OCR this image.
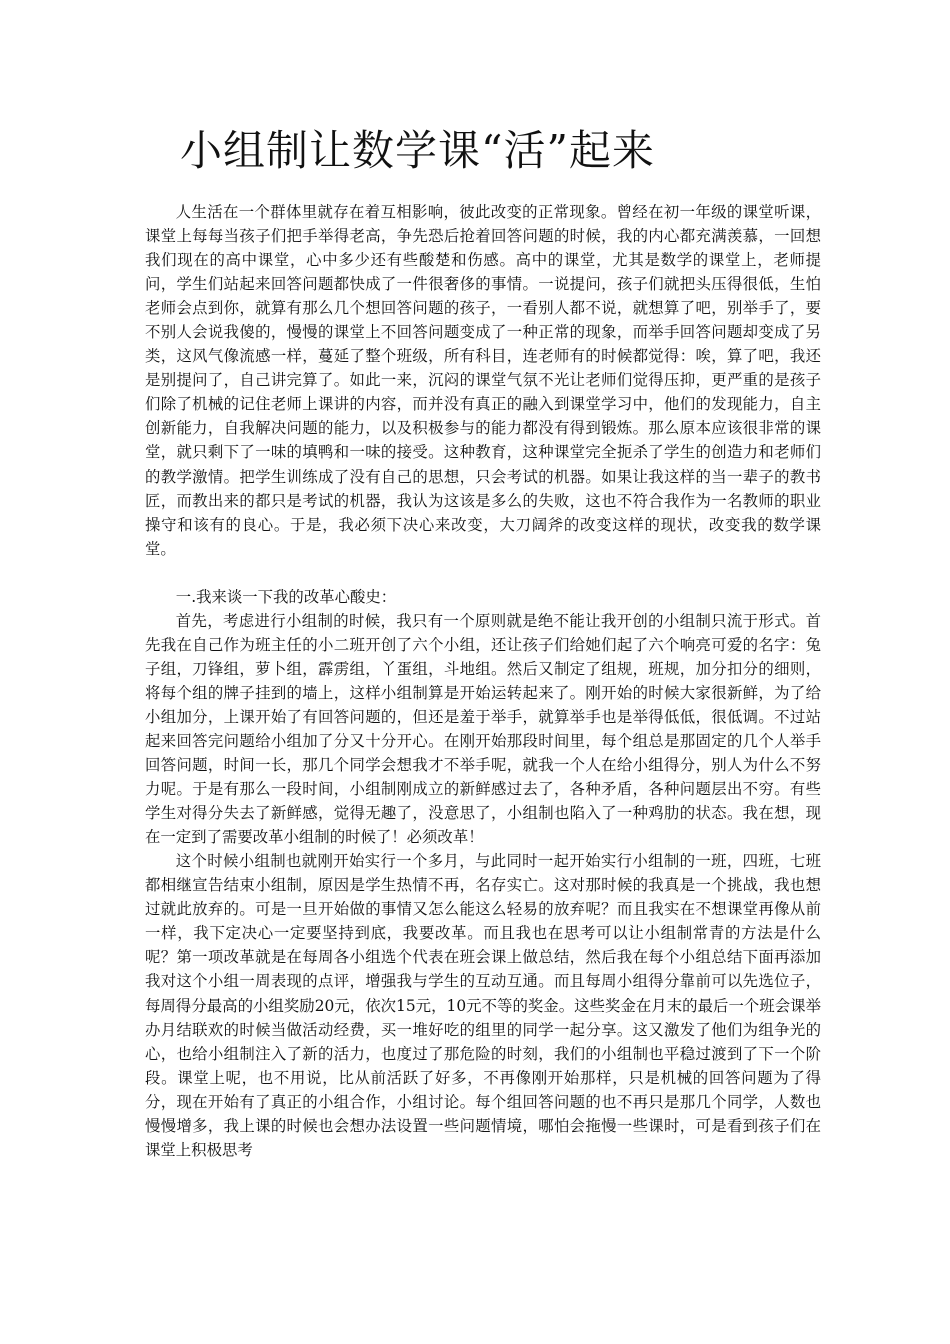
小组制让数学课“活”起来

人生活在一个群体里就存在着互相影响，彼此改变的正常现象。曾经在初一年级的课堂听课，课堂上每每当孩子们把手举得老高，争先恐后抢着回答问题的时候，我的内心都充满羡慕，一回想我们现在的高中课堂，心中多少还有些酸楚和伤感。高中的课堂，尤其是数学的课堂上，老师提问，学生们站起来回答问题都快成了一件很奢侈的事情。一说提问，孩子们就把头压得很低，生怕老师会点到你，就算有那么几个想回答问题的孩子，一看别人都不说，就想算了吧，别举手了，要不别人会说我傻的，慢慢的课堂上不回答问题变成了一种正常的现象，而举手回答问题却变成了另类，这风气像流感一样，蔓延了整个班级，所有科目，连老师有的时候都觉得：唉，算了吧，我还是别提问了，自己讲完算了。如此一来，沉闷的课堂气氛不光让老师们觉得压抑，更严重的是孩子们除了机械的记住老师上课讲的内容，而并没有真正的融入到课堂学习中，他们的发现能力，自主创新能力，自我解决问题的能力，以及积极参与的能力都没有得到锻炼。那么原本应该很非常的课堂，就只剩下了一味的填鸭和一味的接受。这种教育，这种课堂完全扼杀了学生的创造力和老师们的教学激情。把学生训练成了没有自己的思想，只会考试的机器。如果让我这样的当一辈子的教书匠，而教出来的都只是考试的机器，我认为这该是多么的失败，这也不符合我作为一名教师的职业操守和该有的良心。于是，我必须下决心来改变，大刀阔斧的改变这样的现状，改变我的数学课堂。

一.我来谈一下我的改革心酸史：

首先，考虑进行小组制的时候，我只有一个原则就是绝不能让我开创的小组制只流于形式。首先我在自己作为班主任的小二班开创了六个小组，还让孩子们给她们起了六个响亮可爱的名字：兔子组，刀锋组，萝卜组，霹雳组，丫蛋组，斗地组。然后又制定了组规，班规，加分扣分的细则，将每个组的牌子挂到的墙上，这样小组制算是开始运转起来了。刚开始的时候大家很新鲜，为了给小组加分，上课开始了有回答问题的，但还是羞于举手，就算举手也是举得低低，很低调。不过站起来回答完问题给小组加了分又十分开心。在刚开始那段时间里，每个组总是那固定的几个人举手回答问题，时间一长，那几个同学会想我才不举手呢，就我一个人在给小组得分，别人为什么不努力呢。于是有那么一段时间，小组制刚成立的新鲜感过去了，各种矛盾，各种问题层出不穷。有些学生对得分失去了新鲜感，觉得无趣了，没意思了，小组制也陷入了一种鸡肋的状态。我在想，现在一定到了需要改革小组制的时候了！必须改革！

这个时候小组制也就刚开始实行一个多月，与此同时一起开始实行小组制的一班，四班，七班都相继宣告结束小组制，原因是学生热情不再，名存实亡。这对那时候的我真是一个挑战，我也想过就此放弃的。可是一旦开始做的事情又怎么能这么轻易的放弃呢？而且我实在不想课堂再像从前一样，我下定决心一定要坚持到底，我要改革。而且我也在思考可以让小组制常青的方法是什么呢？第一项改革就是在每周各小组选个代表在班会课上做总结，然后我在每个小组总结下面再添加我对这个小组一周表现的点评，增强我与学生的互动互通。而且每周小组得分靠前可以先选位子，每周得分最高的小组奖励20元，依次15元，10元不等的奖金。这些奖金在月末的最后一个班会课举办月结联欢的时候当做活动经费，买一堆好吃的组里的同学一起分享。这又激发了他们为组争光的心，也给小组制注入了新的活力，也度过了那危险的时刻，我们的小组制也平稳过渡到了下一个阶段。课堂上呢，也不用说，比从前活跃了好多，不再像刚开始那样，只是机械的回答问题为了得分，现在开始有了真正的小组合作，小组讨论。每个组回答问题的也不再只是那几个同学，人数也慢慢增多，我上课的时候也会想办法设置一些问题情境，哪怕会拖慢一些课时，可是看到孩子们在课堂上积极思考
